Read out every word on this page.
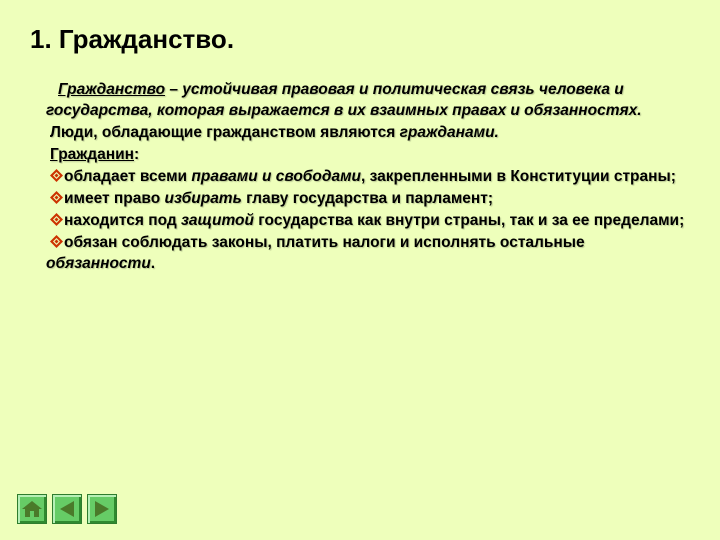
1. Гражданство.

Гражданство – устойчивая правовая и политическая связь человека и государства, которая выражается в их взаимных правах и обязанностях.

Люди, обладающие гражданством являются гражданами.

Гражданин:

обладает всеми правами и свободами, закрепленными в Конституции страны;

имеет право избирать главу государства и парламент;

находится под защитой государства как внутри страны, так и за ее пределами;

обязан соблюдать законы, платить налоги и исполнять остальные обязанности.
